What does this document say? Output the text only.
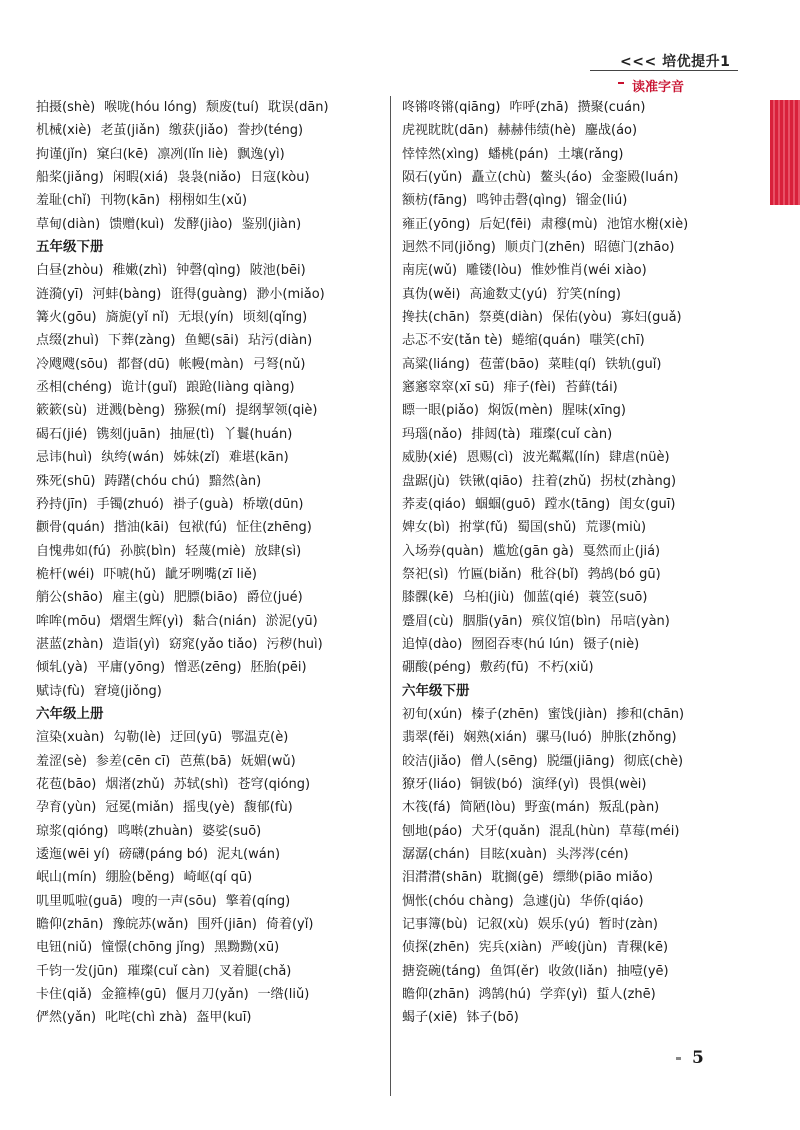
<<< 培优提升1
读准字音
拍摄(shè) 喉咙(hóu lóng) 颓废(tuí) 耽误(dān)
机械(xiè) 老茧(jiǎn) 缴获(jiǎo) 誊抄(téng)
拘谨(jǐn) 窠臼(kē) 凛冽(lǐn liè) 飘逸(yì)
船桨(jiǎng) 闲暇(xiá) 袅袅(niǎo) 日寇(kòu)
羞耻(chǐ) 刊物(kān) 栩栩如生(xǔ)
草甸(diàn) 馈赠(kuì) 发酵(jiào) 鉴别(jiàn)
五年级下册
白昼(zhòu) 稚嫩(zhì) 钟磬(qìng) 陂池(bēi)
涟漪(yī) 河蚌(bàng) 诳得(guàng) 渺小(miǎo)
篝火(gōu) 旖旎(yǐ nǐ) 无垠(yín) 顷刻(qǐng)
点缀(zhuì) 下葬(zàng) 鱼鳃(sāi) 玷污(diàn)
冷飕飕(sōu) 都督(dū) 帐幔(màn) 弓弩(nǔ)
丞相(chéng) 诡计(guǐ) 踉跄(liàng qiàng)
簌簌(sù) 迸溅(bèng) 猕猴(mí) 提纲挈领(qiè)
碣石(jié) 镌刻(juān) 抽屉(tì) 丫鬟(huán)
忌讳(huì) 纨绔(wán) 姊妹(zǐ) 难堪(kān)
殊死(shū) 踌躇(chóu chú) 黯然(àn)
矜持(jīn) 手镯(zhuó) 褂子(guà) 桥墩(dūn)
颧骨(quán) 揩油(kāi) 包袱(fú) 怔住(zhēng)
自愧弗如(fú) 孙膑(bìn) 轻蔑(miè) 放肆(sì)
桅杆(wéi) 吓唬(hǔ) 龇牙咧嘴(zī liě)
艄公(shāo) 雇主(gù) 肥膘(biāo) 爵位(jué)
哞哞(mōu) 熠熠生辉(yì) 黏合(nián) 淤泥(yū)
湛蓝(zhàn) 造诣(yì) 窈窕(yǎo tiǎo) 污秽(huì)
倾轧(yà) 平庸(yōng) 憎恶(zēng) 胚胎(pēi)
赋诗(fù) 窘境(jiǒng)
六年级上册
渲染(xuàn) 勾勒(lè) 迂回(yū) 鄂温克(è)
羞涩(sè) 参差(cēn cī) 芭蕉(bā) 妩媚(wǔ)
花苞(bāo) 烟渚(zhǔ) 苏轼(shì) 苍穹(qióng)
孕育(yùn) 冠冕(miǎn) 摇曳(yè) 馥郁(fù)
琼浆(qióng) 鸣啭(zhuàn) 婆娑(suō)
逶迤(wēi yí) 磅礴(páng bó) 泥丸(wán)
岷山(mín) 绷脸(běng) 崎岖(qí qū)
叽里呱啦(guā) 嗖的一声(sōu) 擎着(qíng)
瞻仰(zhān) 豫皖苏(wǎn) 围歼(jiān) 倚着(yǐ)
电钮(niǔ) 憧憬(chōng jǐng) 黑黝黝(xū)
千钧一发(jūn) 璀璨(cuǐ càn) 叉着腿(chǎ)
卡住(qiǎ) 金箍棒(gū) 偃月刀(yǎn) 一绺(liǔ)
俨然(yǎn) 叱咤(chì zhà) 盔甲(kuī)
咚锵咚锵(qiāng) 咋呼(zhā) 攒聚(cuán)
虎视眈眈(dān) 赫赫伟绩(hè) 鏖战(áo)
悻悻然(xìng) 蟠桃(pán) 土壤(rǎng)
陨石(yǔn) 矗立(chù) 鳌头(áo) 金銮殿(luán)
额枋(fāng) 鸣钟击磬(qìng) 镏金(liú)
雍正(yōng) 后妃(fēi) 肃穆(mù) 池馆水榭(xiè)
迥然不同(jiǒng) 顺贞门(zhēn) 昭德门(zhāo)
南庑(wǔ) 雕镂(lòu) 惟妙惟肖(wéi xiào)
真伪(wěi) 高逾数丈(yú) 狞笑(níng)
搀扶(chān) 祭奠(diàn) 保佑(yòu) 寡妇(guǎ)
忐忑不安(tǎn tè) 蜷缩(quán) 嗤笑(chī)
高粱(liáng) 苞蕾(bāo) 菜畦(qí) 铁轨(guǐ)
窸窸窣窣(xī sū) 痱子(fèi) 苔藓(tái)
瞟一眼(piǎo) 焖饭(mèn) 腥味(xīng)
玛瑙(nǎo) 排闼(tà) 璀璨(cuǐ càn)
威胁(xié) 恩赐(cì) 波光粼粼(lín) 肆虐(nüè)
盘踞(jù) 铁锹(qiāo) 拄着(zhǔ) 拐杖(zhàng)
荞麦(qiáo) 蝈蝈(guō) 蹚水(tāng) 闺女(guī)
婢女(bì) 拊掌(fǔ) 蜀国(shǔ) 荒谬(miù)
入场券(quàn) 尴尬(gān gà) 戛然而止(jiá)
祭祀(sì) 竹匾(biǎn) 秕谷(bǐ) 鹁鸪(bó gū)
膝髁(kē) 乌桕(jiù) 伽蓝(qié) 蓑笠(suō)
蹙眉(cù) 胭脂(yān) 殡仪馆(bìn) 吊唁(yàn)
追悼(dào) 囫囵吞枣(hú lún) 镊子(niè)
硼酸(péng) 敷药(fū) 不朽(xiǔ)
六年级下册
初旬(xún) 榛子(zhēn) 蜜饯(jiàn) 掺和(chān)
翡翠(fěi) 娴熟(xián) 骡马(luó) 肿胀(zhǒng)
皎洁(jiǎo) 僧人(sēng) 脱缰(jiāng) 彻底(chè)
獠牙(liáo) 铜钹(bó) 演绎(yì) 畏惧(wèi)
木筏(fá) 简陋(lòu) 野蛮(mán) 叛乱(pàn)
刨地(páo) 犬牙(quǎn) 混乱(hùn) 草莓(méi)
潺潺(chán) 目眩(xuàn) 头涔涔(cén)
泪潸潸(shān) 耽搁(gē) 缥缈(piāo miǎo)
惆怅(chóu chàng) 急遽(jù) 华侨(qiáo)
记事簿(bù) 记叙(xù) 娱乐(yú) 暂时(zàn)
侦探(zhēn) 宪兵(xiàn) 严峻(jùn) 青稞(kē)
搪瓷碗(táng) 鱼饵(ěr) 收敛(liǎn) 抽噎(yē)
瞻仰(zhān) 鸿鹄(hú) 学弈(yì) 蜇人(zhē)
蝎子(xiē) 钵子(bō)
5
